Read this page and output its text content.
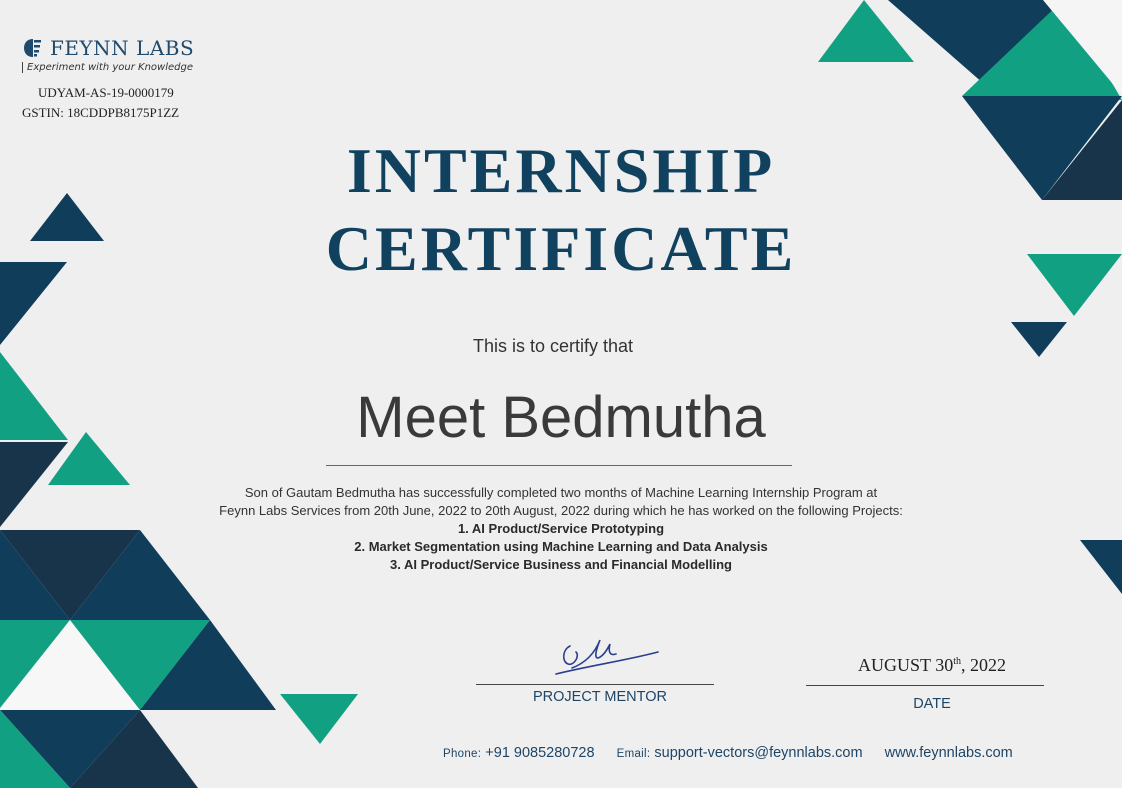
FEYNN LABS
Experiment with your Knowledge
UDYAM-AS-19-0000179
GSTIN: 18CDDPB8175P1ZZ
INTERNSHIP
CERTIFICATE
This is to certify that
Meet Bedmutha
Son of Gautam Bedmutha has successfully completed two months of Machine Learning Internship Program at
Feynn Labs Services from 20th June, 2022 to 20th August, 2022 during which he has worked on the following Projects:
1. AI Product/Service Prototyping
2. Market Segmentation using Machine Learning and Data Analysis
3. AI Product/Service Business and Financial Modelling
PROJECT MENTOR
AUGUST 30th, 2022
DATE
Phone: +91 9085280728 Email: support-vectors@feynnlabs.com www.feynnlabs.com
